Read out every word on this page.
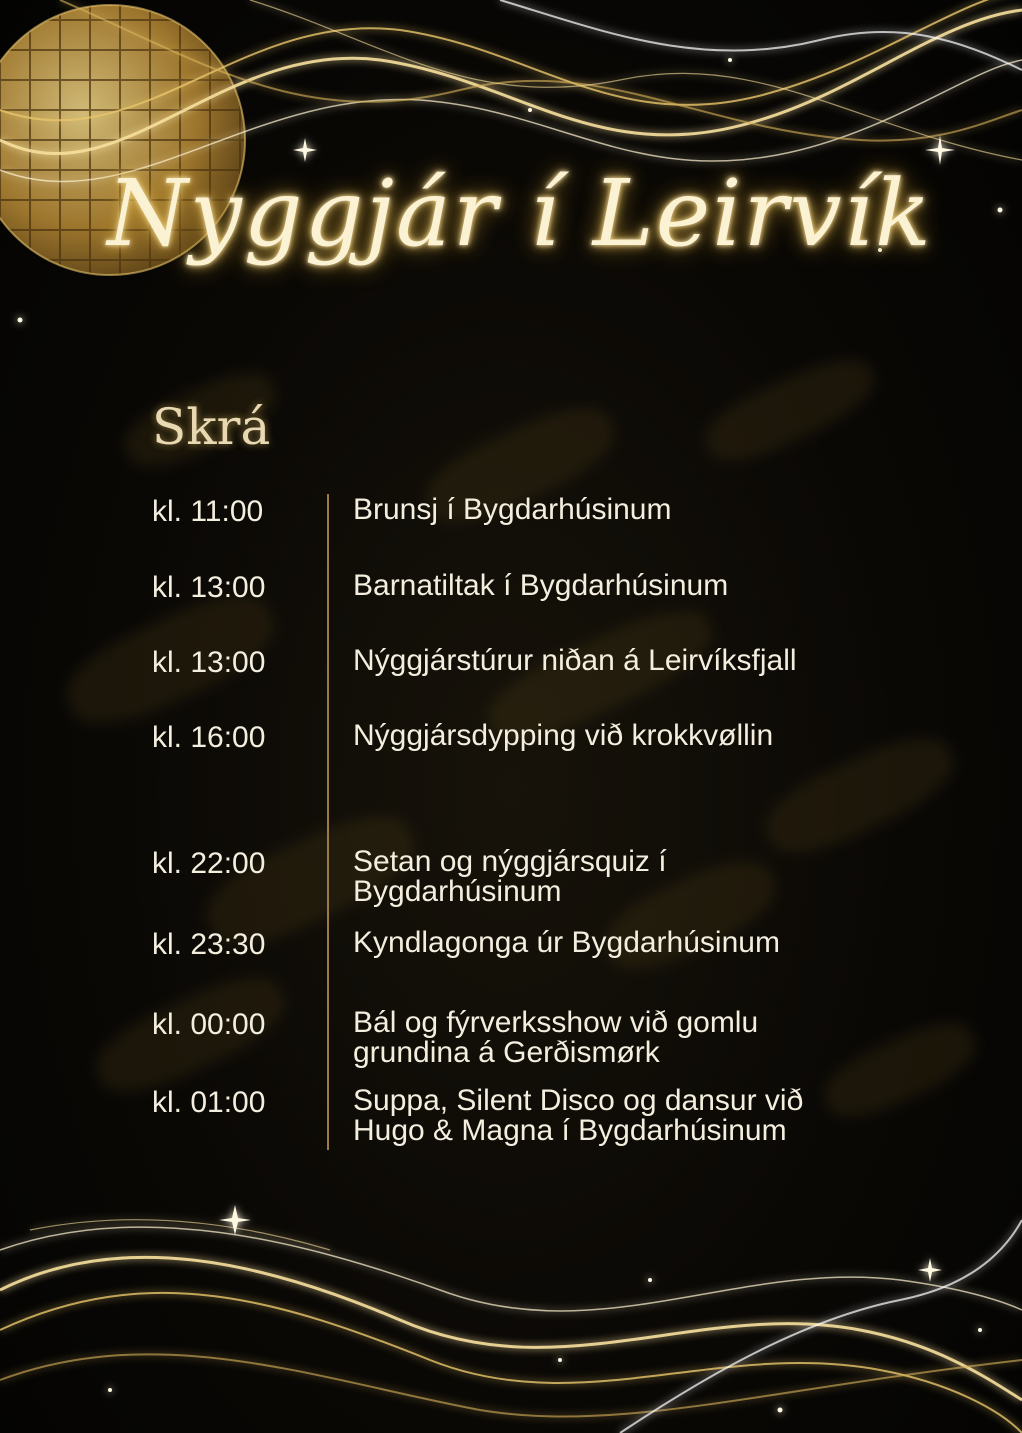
Nyggjár í Leirvík
Skrá
kl. 11:00	Brunsj í Bygdarhúsinum
kl. 13:00	Barnatiltak í Bygdarhúsinum
kl. 13:00	Nýggjárstúrur niðan á Leirvíksfjall
kl. 16:00	Nýggjársdypping við krokkvøllin
kl. 22:00	Setan og nýggjársquiz í Bygdarhúsinum
kl. 23:30	Kyndlagonga úr Bygdarhúsinum
kl. 00:00	Bál og fýrverksshow við gomlu grundina á Gerðismørk
kl. 01:00	Suppa, Silent Disco og dansur við Hugo & Magna í Bygdarhúsinum
